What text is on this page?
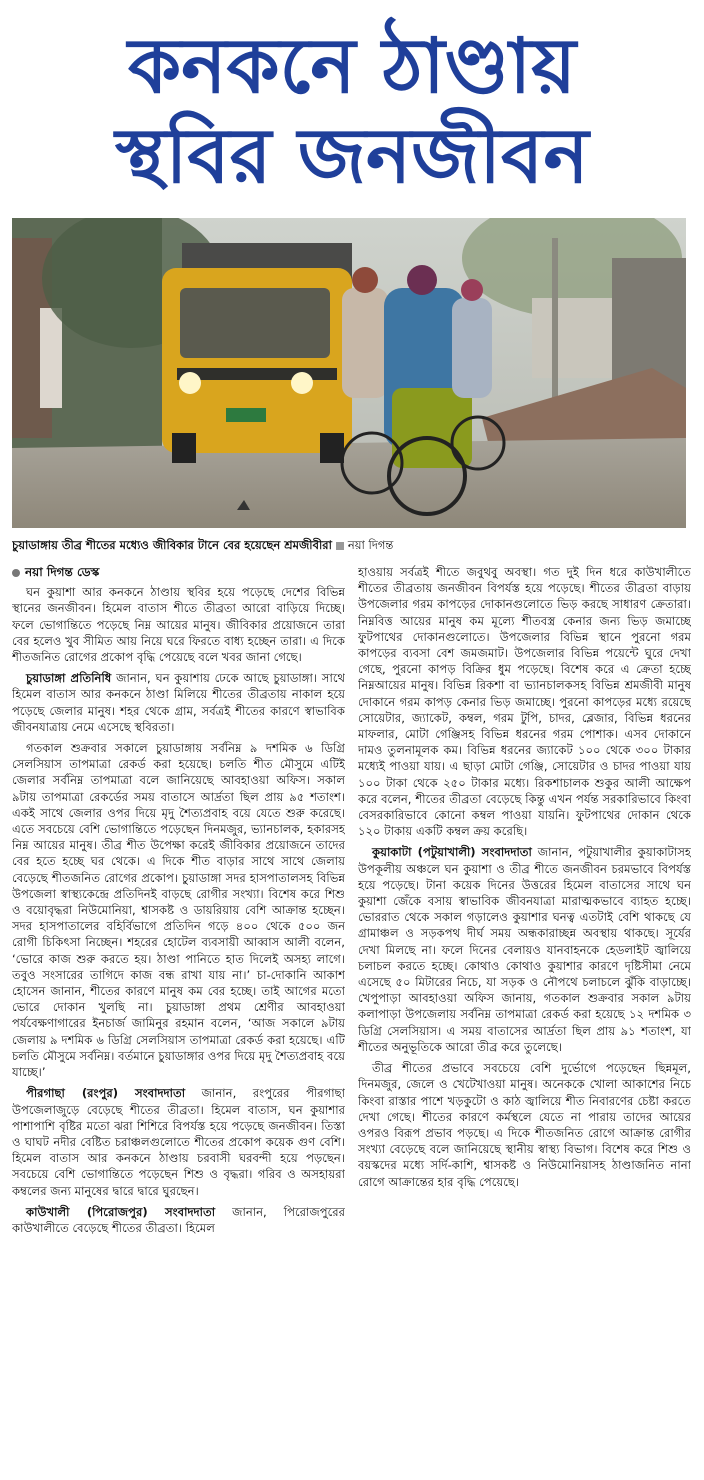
কনকনে ঠাণ্ডায়
স্থবির জনজীবন
চুয়াডাঙ্গায় তীব্র শীতের মধ্যেও জীবিকার টানে বের হয়েছেন শ্রমজীবীরা নয়া দিগন্ত
নয়া দিগন্ত ডেস্ক

ঘন কুয়াশা আর কনকনে ঠাণ্ডায় স্থবির হয়ে পড়েছে দেশের বিভিন্ন স্থানের জনজীবন। হিমেল বাতাস শীতে তীব্রতা আরো বাড়িয়ে দিচ্ছে। ফলে ভোগান্তিতে পড়েছে নিম্ন আয়ের মানুষ। জীবিকার প্রয়োজনে তারা বের হলেও খুব সীমিত আয় নিয়ে ঘরে ফিরতে বাধ্য হচ্ছেন তারা। এ দিকে শীতজনিত রোগের প্রকোপ বৃদ্ধি পেয়েছে বলে খবর জানা গেছে।

চুয়াডাঙ্গা প্রতিনিধি জানান, ঘন কুয়াশায় ঢেকে আছে চুয়াডাঙ্গা। সাথে হিমেল বাতাস আর কনকনে ঠাণ্ডা মিলিয়ে শীতের তীব্রতায় নাকাল হয়ে পড়েছে জেলার মানুষ। শহর থেকে গ্রাম, সর্বত্রই শীতের কারণে স্বাভাবিক জীবনযাত্রায় নেমে এসেছে স্থবিরতা।

গতকাল শুক্রবার সকালে চুয়াডাঙ্গায় সর্বনিম্ন ৯ দশমিক ৬ ডিগ্রি সেলসিয়াস তাপমাত্রা রেকর্ড করা হয়েছে। চলতি শীত মৌসুমে এটিই জেলার সর্বনিম্ন তাপমাত্রা বলে জানিয়েছে আবহাওয়া অফিস। সকাল ৯টায় তাপমাত্রা রেকর্ডের সময় বাতাসে আর্দ্রতা ছিল প্রায় ৯৫ শতাংশ। একই সাথে জেলার ওপর দিয়ে মৃদু শৈত্যপ্রবাহ বয়ে যেতে শুরু করেছে। এতে সবচেয়ে বেশি ভোগান্তিতে পড়েছেন দিনমজুর, ভ্যানচালক, হকারসহ নিম্ন আয়ের মানুষ। তীব্র শীত উপেক্ষা করেই জীবিকার প্রয়োজনে তাদের বের হতে হচ্ছে ঘর থেকে। এ দিকে শীত বাড়ার সাথে সাথে জেলায় বেড়েছে শীতজনিত রোগের প্রকোপ। চুয়াডাঙ্গা সদর হাসপাতালসহ বিভিন্ন উপজেলা স্বাস্থ্যকেন্দ্রে প্রতিদিনই বাড়ছে রোগীর সংখ্যা। বিশেষ করে শিশু ও বয়োবৃদ্ধরা নিউমোনিয়া, শ্বাসকষ্ট ও ডায়রিয়ায় বেশি আক্রান্ত হচ্ছেন। সদর হাসপাতালের বহির্বিভাগে প্রতিদিন গড়ে ৪০০ থেকে ৫০০ জন রোগী চিকিৎসা নিচ্ছেন। শহরের হোটেল ব্যবসায়ী আব্বাস আলী বলেন, ‘ভোরে কাজ শুরু করতে হয়। ঠাণ্ডা পানিতে হাত দিলেই অসহ্য লাগে। তবুও সংসারের তাগিদে কাজ বন্ধ রাখা যায় না।’ চা-দোকানি আকাশ হোসেন জানান, শীতের কারণে মানুষ কম বের হচ্ছে। তাই আগের মতো ভোরে দোকান খুলছি না। চুয়াডাঙ্গা প্রথম শ্রেণীর আবহাওয়া পর্যবেক্ষণাগারের ইনচার্জ জামিনুর রহমান বলেন, ‘আজ সকালে ৯টায় জেলায় ৯ দশমিক ৬ ডিগ্রি সেলসিয়াস তাপমাত্রা রেকর্ড করা হয়েছে। এটি চলতি মৌসুমে সর্বনিম্ন। বর্তমানে চুয়াডাঙ্গার ওপর দিয়ে মৃদু শৈত্যপ্রবাহ বয়ে যাচ্ছে।’

পীরগাছা (রংপুর) সংবাদদাতা জানান, রংপুরের পীরগাছা উপজেলাজুড়ে বেড়েছে শীতের তীব্রতা। হিমেল বাতাস, ঘন কুয়াশার পাশাপাশি বৃষ্টির মতো ঝরা শিশিরে বিপর্যস্ত হয়ে পড়েছে জনজীবন। তিস্তা ও ঘাঘট নদীর বেষ্টিত চরাঞ্চলগুলোতে শীতের প্রকোপ কয়েক গুণ বেশি। হিমেল বাতাস আর কনকনে ঠাণ্ডায় চরবাসী ঘরবন্দী হয়ে পড়ছেন। সবচেয়ে বেশি ভোগান্তিতে পড়েছেন শিশু ও বৃদ্ধরা। গরিব ও অসহায়রা কম্বলের জন্য মানুষের দ্বারে দ্বারে ঘুরছেন।

কাউখালী (পিরোজপুর) সংবাদদাতা জানান, পিরোজপুরের কাউখালীতে বেড়েছে শীতের তীব্রতা। হিমেল

হাওয়ায় সর্বত্রই শীতে জবুথবু অবস্থা। গত দুই দিন ধরে কাউখালীতে শীতের তীব্রতায় জনজীবন বিপর্যস্ত হয়ে পড়েছে। শীতের তীব্রতা বাড়ায় উপজেলার গরম কাপড়ের দোকানগুলোতে ভিড় করছে সাধারণ ক্রেতারা। নিম্নবিত্ত আয়ের মানুষ কম মূল্যে শীতবস্ত্র কেনার জন্য ভিড় জমাচ্ছে ফুটপাথের দোকানগুলোতে। উপজেলার বিভিন্ন স্থানে পুরনো গরম কাপড়ের ব্যবসা বেশ জমজমাট। উপজেলার বিভিন্ন পয়েন্টে ঘুরে দেখা গেছে, পুরনো কাপড় বিক্রির ধুম পড়েছে। বিশেষ করে এ ক্রেতা হচ্ছে নিম্নআয়ের মানুষ। বিভিন্ন রিকশা বা ভ্যানচালকসহ বিভিন্ন শ্রমজীবী মানুষ দোকানে গরম কাপড় কেনার ভিড় জমাচ্ছে। পুরনো কাপড়ের মধ্যে রয়েছে সোয়েটার, জ্যাকেট, কম্বল, গরম টুপি, চাদর, ব্লেজার, বিভিন্ন ধরনের মাফলার, মোটা গেঞ্জিসহ বিভিন্ন ধরনের গরম পোশাক। এসব দোকানে দামও তুলনামূলক কম। বিভিন্ন ধরনের জ্যাকেট ১০০ থেকে ৩০০ টাকার মধ্যেই পাওয়া যায়। এ ছাড়া মোটা গেঞ্জি, সোয়েটার ও চাদর পাওয়া যায় ১০০ টাকা থেকে ২৫০ টাকার মধ্যে। রিকশাচালক শুকুর আলী আক্ষেপ করে বলেন, শীতের তীব্রতা বেড়েছে কিন্তু এখন পর্যন্ত সরকারিভাবে কিংবা বেসরকারিভাবে কোনো কম্বল পাওয়া যায়নি। ফুটপাথের দোকান থেকে ১২০ টাকায় একটি কম্বল ক্রয় করেছি।

কুয়াকাটা (পটুয়াখালী) সংবাদদাতা জানান, পটুয়াখালীর কুয়াকাটাসহ উপকূলীয় অঞ্চলে ঘন কুয়াশা ও তীব্র শীতে জনজীবন চরমভাবে বিপর্যস্ত হয়ে পড়েছে। টানা কয়েক দিনের উত্তরের হিমেল বাতাসের সাথে ঘন কুয়াশা জেঁকে বসায় স্বাভাবিক জীবনযাত্রা মারাত্মকভাবে ব্যাহত হচ্ছে। ভোররাত থেকে সকাল গড়ালেও কুয়াশার ঘনত্ব এতটাই বেশি থাকছে যে গ্রামাঞ্চল ও সড়কপথ দীর্ঘ সময় অন্ধকারাচ্ছন্ন অবস্থায় থাকছে। সূর্যের দেখা মিলছে না। ফলে দিনের বেলায়ও যানবাহনকে হেডলাইট জ্বালিয়ে চলাচল করতে হচ্ছে। কোথাও কোথাও কুয়াশার কারণে দৃষ্টিসীমা নেমে এসেছে ৫০ মিটারের নিচে, যা সড়ক ও নৌপথে চলাচলে ঝুঁকি বাড়াচ্ছে। খেপুপাড়া আবহাওয়া অফিস জানায়, গতকাল শুক্রবার সকাল ৯টায় কলাপাড়া উপজেলায় সর্বনিম্ন তাপমাত্রা রেকর্ড করা হয়েছে ১২ দশমিক ৩ ডিগ্রি সেলসিয়াস। এ সময় বাতাসের আর্দ্রতা ছিল প্রায় ৯১ শতাংশ, যা শীতের অনুভূতিকে আরো তীব্র করে তুলেছে।

তীব্র শীতের প্রভাবে সবচেয়ে বেশি দুর্ভোগে পড়েছেন ছিন্নমূল, দিনমজুর, জেলে ও খেটেখাওয়া মানুষ। অনেককে খোলা আকাশের নিচে কিংবা রাস্তার পাশে খড়কুটো ও কাঠ জ্বালিয়ে শীত নিবারণের চেষ্টা করতে দেখা গেছে। শীতের কারণে কর্মস্থলে যেতে না পারায় তাদের আয়ের ওপরও বিরূপ প্রভাব পড়ছে। এ দিকে শীতজনিত রোগে আক্রান্ত রোগীর সংখ্যা বেড়েছে বলে জানিয়েছে স্থানীয় স্বাস্থ্য বিভাগ। বিশেষ করে শিশু ও বয়স্কদের মধ্যে সর্দি-কাশি, শ্বাসকষ্ট ও নিউমোনিয়াসহ ঠাণ্ডাজনিত নানা রোগে আক্রান্তের হার বৃদ্ধি পেয়েছে।
